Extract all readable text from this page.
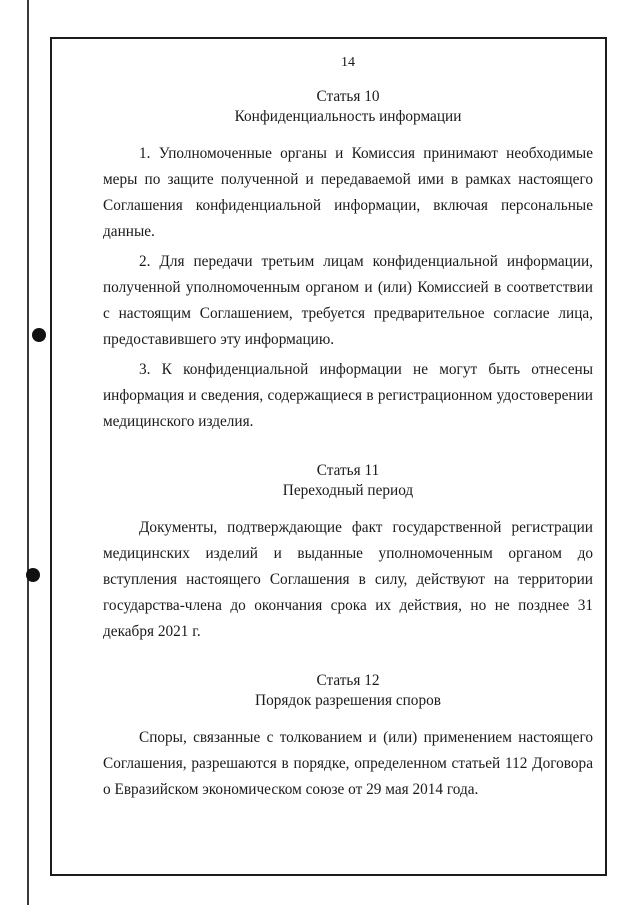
14
Статья 10
Конфиденциальность информации

1. Уполномоченные органы и Комиссия принимают необходимые меры по защите полученной и передаваемой ими в рамках настоящего Соглашения конфиденциальной информации, включая персональные данные.

2. Для передачи третьим лицам конфиденциальной информации, полученной уполномоченным органом и (или) Комиссией в соответствии с настоящим Соглашением, требуется предварительное согласие лица, предоставившего эту информацию.

3. К конфиденциальной информации не могут быть отнесены информация и сведения, содержащиеся в регистрационном удостоверении медицинского изделия.

Статья 11
Переходный период

Документы, подтверждающие факт государственной регистрации медицинских изделий и выданные уполномоченным органом до вступления настоящего Соглашения в силу, действуют на территории государства-члена до окончания срока их действия, но не позднее 31 декабря 2021 г.

Статья 12
Порядок разрешения споров

Споры, связанные с толкованием и (или) применением настоящего Соглашения, разрешаются в порядке, определенном статьей 112 Договора о Евразийском экономическом союзе от 29 мая 2014 года.
